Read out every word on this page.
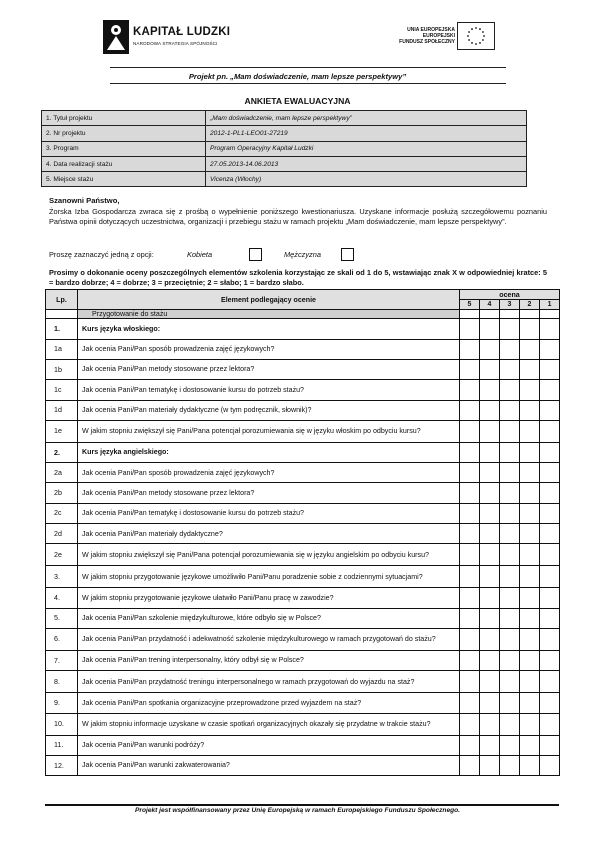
KAPITAŁ LUDZKI
NARODOWA STRATEGIA SPÓJNOŚCI
UNIA EUROPEJSKA
EUROPEJSKI
FUNDUSZ SPOŁECZNY
Projekt pn. „Mam doświadczenie, mam lepsze perspektywy”
ANKIETA EWALUACYJNA
1. Tytuł projektu	„Mam doświadczenie, mam lepsze perspektywy”
2. Nr projektu	2012-1-PL1-LEO01-27219
3. Program	Program Operacyjny Kapitał Ludzki
4. Data realizacji stażu	27.05.2013-14.06.2013
5. Miejsce stażu	Vicenza (Włochy)
Szanowni Państwo,
Żorska Izba Gospodarcza zwraca się z prośbą o wypełnienie poniższego kwestionariusza. Uzyskane informacje posłużą szczegółowemu poznaniu Państwa opinii dotyczących uczestnictwa, organizacji i przebiegu stażu w ramach projektu „Mam doświadczenie, mam lepsze perspektywy”.
Proszę zaznaczyć jedną z opcji:	Kobieta	Mężczyzna
Prosimy o dokonanie oceny poszczególnych elementów szkolenia korzystając ze skali od 1 do 5, wstawiając znak X w odpowiedniej kratce: 5 = bardzo dobrze; 4 = dobrze; 3 = przeciętnie; 2 = słabo; 1 = bardzo słabo.
Lp.	Element podlegający ocenie	ocena				
		5	4	3	2	1
	Przygotowanie do stażu					
1.	Kurs języka włoskiego:					
1a	Jak ocenia Pani/Pan sposób prowadzenia zajęć językowych?					
1b	Jak ocenia Pani/Pan metody stosowane przez lektora?					
1c	Jak ocenia Pani/Pan tematykę i dostosowanie kursu do potrzeb stażu?					
1d	Jak ocenia Pani/Pan materiały dydaktyczne (w tym podręcznik, słownik)?					
1e	W jakim stopniu zwiększył się Pani/Pana potencjał porozumiewania się w języku włoskim po odbyciu kursu?					
2.	Kurs języka angielskiego:					
2a	Jak ocenia Pani/Pan sposób prowadzenia zajęć językowych?					
2b	Jak ocenia Pani/Pan metody stosowane przez lektora?					
2c	Jak ocenia Pani/Pan tematykę i dostosowanie kursu do potrzeb stażu?					
2d	Jak ocenia Pani/Pan materiały dydaktyczne?					
2e	W jakim stopniu zwiększył się Pani/Pana potencjał porozumiewania się w języku angielskim po odbyciu kursu?					
3.	W jakim stopniu przygotowanie językowe umożliwiło Pani/Panu poradzenie sobie z codziennymi sytuacjami?					
4.	W jakim stopniu przygotowanie językowe ułatwiło Pani/Panu pracę w zawodzie?					
5.	Jak ocenia Pani/Pan szkolenie międzykulturowe, które odbyło się w Polsce?					
6.	Jak ocenia Pani/Pan przydatność i adekwatność szkolenie międzykulturowego w ramach przygotowań do stażu?					
7.	Jak ocenia Pani/Pan trening interpersonalny, który odbył się w Polsce?					
8.	Jak ocenia Pani/Pan przydatność treningu interpersonalnego w ramach przygotowań do wyjazdu na staż?					
9.	Jak ocenia Pani/Pan spotkania organizacyjne przeprowadzone przed wyjazdem na staż?					
10.	W jakim stopniu informacje uzyskane w czasie spotkań organizacyjnych okazały się przydatne w trakcie stażu?					
11.	Jak ocenia Pani/Pan warunki podróży?					
12.	Jak ocenia Pani/Pan warunki zakwaterowania?					
Projekt jest współfinansowany przez Unię Europejską w ramach Europejskiego Funduszu Społecznego.
